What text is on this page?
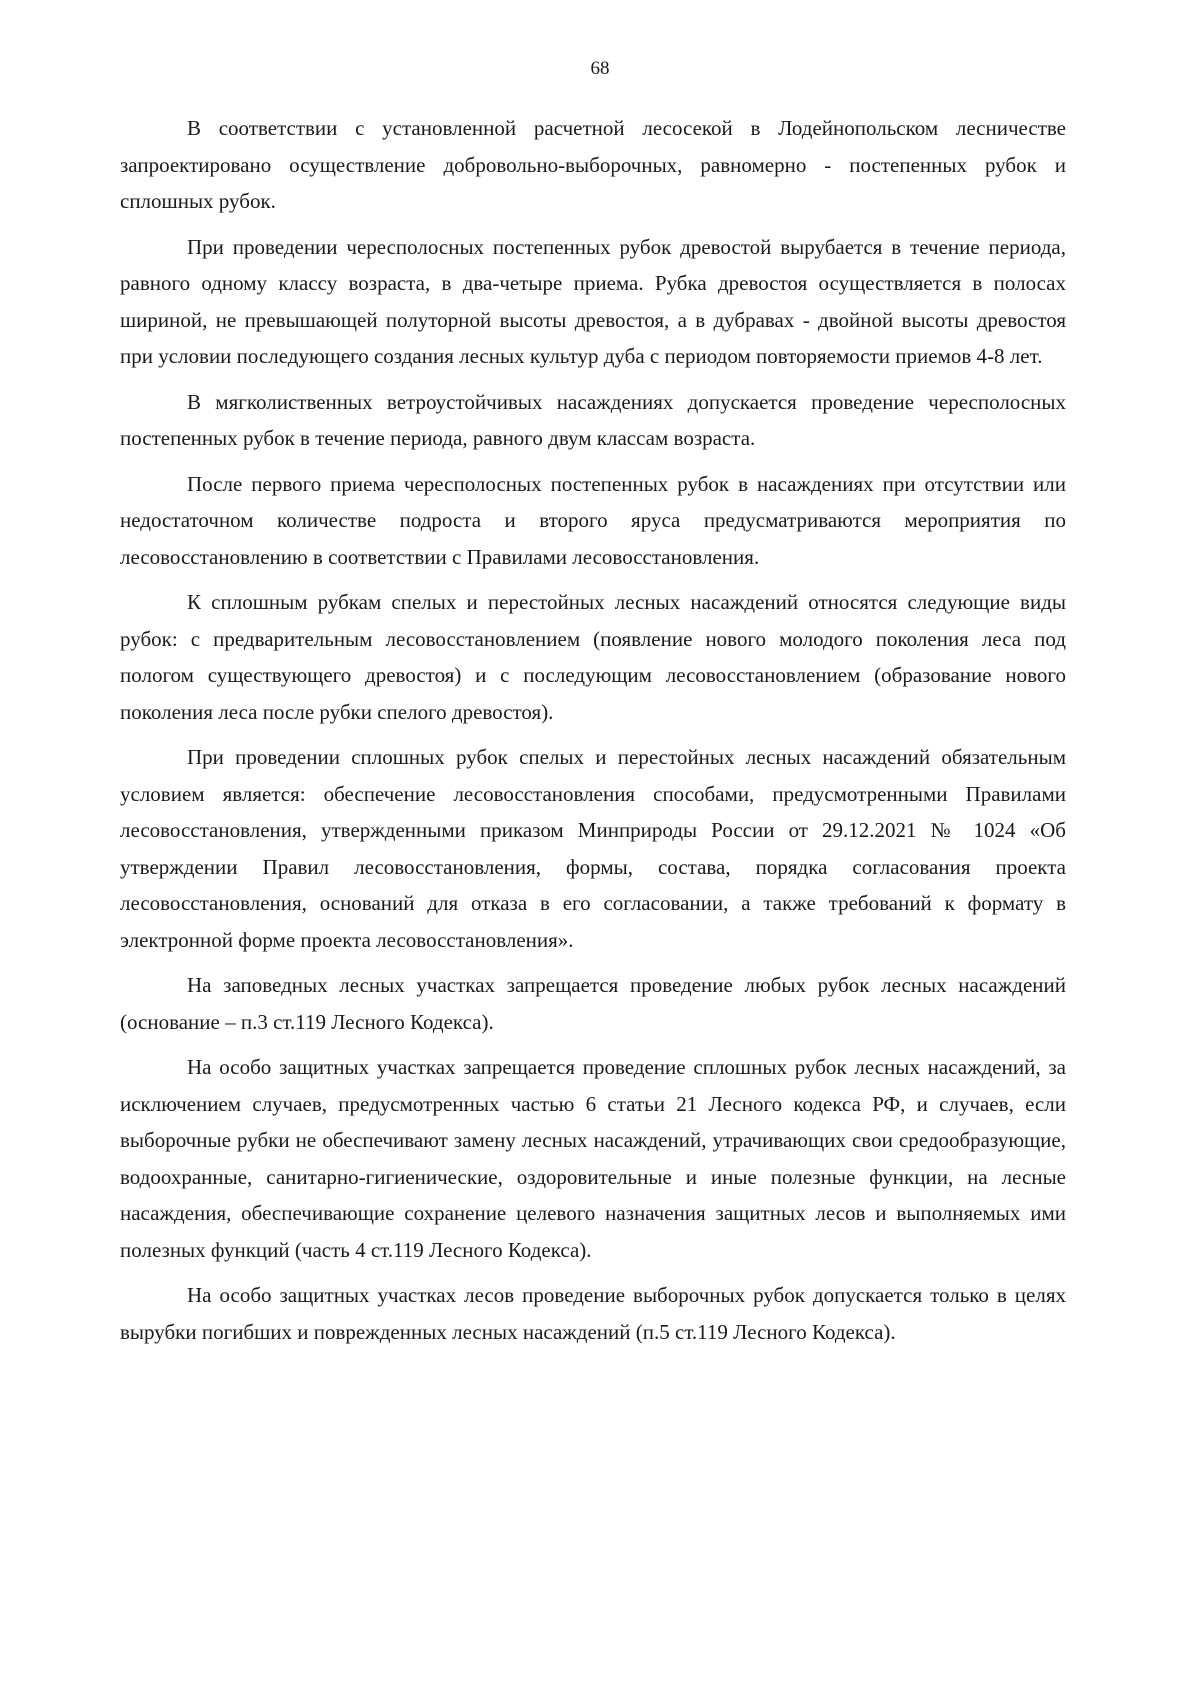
68

В соответствии с установленной расчетной лесосекой в Лодейнопольском лесничестве запроектировано осуществление добровольно-выборочных, равномерно - постепенных рубок и сплошных рубок.

При проведении чересполосных постепенных рубок древостой вырубается в течение периода, равного одному классу возраста, в два-четыре приема. Рубка древостоя осуществляется в полосах шириной, не превышающей полуторной высоты древостоя, а в дубравах - двойной высоты древостоя при условии последующего создания лесных культур дуба с периодом повторяемости приемов 4-8 лет.

В мягколиственных ветроустойчивых насаждениях допускается проведение чересполосных постепенных рубок в течение периода, равного двум классам возраста.

После первого приема чересполосных постепенных рубок в насаждениях при отсутствии или недостаточном количестве подроста и второго яруса предусматриваются мероприятия по лесовосстановлению в соответствии с Правилами лесовосстановления.

К сплошным рубкам спелых и перестойных лесных насаждений относятся следующие виды рубок: с предварительным лесовосстановлением (появление нового молодого поколения леса под пологом существующего древостоя) и с последующим лесовосстановлением (образование нового поколения леса после рубки спелого древостоя).

При проведении сплошных рубок спелых и перестойных лесных насаждений обязательным условием является: обеспечение лесовосстановления способами, предусмотренными Правилами лесовосстановления, утвержденными приказом Минприроды России от 29.12.2021 № 1024 «Об утверждении Правил лесовосстановления, формы, состава, порядка согласования проекта лесовосстановления, оснований для отказа в его согласовании, а также требований к формату в электронной форме проекта лесовосстановления».

На заповедных лесных участках запрещается проведение любых рубок лесных насаждений (основание – п.3 ст.119 Лесного Кодекса).

На особо защитных участках запрещается проведение сплошных рубок лесных насаждений, за исключением случаев, предусмотренных частью 6 статьи 21 Лесного кодекса РФ, и случаев, если выборочные рубки не обеспечивают замену лесных насаждений, утрачивающих свои средообразующие, водоохранные, санитарно-гигиенические, оздоровительные и иные полезные функции, на лесные насаждения, обеспечивающие сохранение целевого назначения защитных лесов и выполняемых ими полезных функций (часть 4 ст.119 Лесного Кодекса).

На особо защитных участках лесов проведение выборочных рубок допускается только в целях вырубки погибших и поврежденных лесных насаждений (п.5 ст.119 Лесного Кодекса).
